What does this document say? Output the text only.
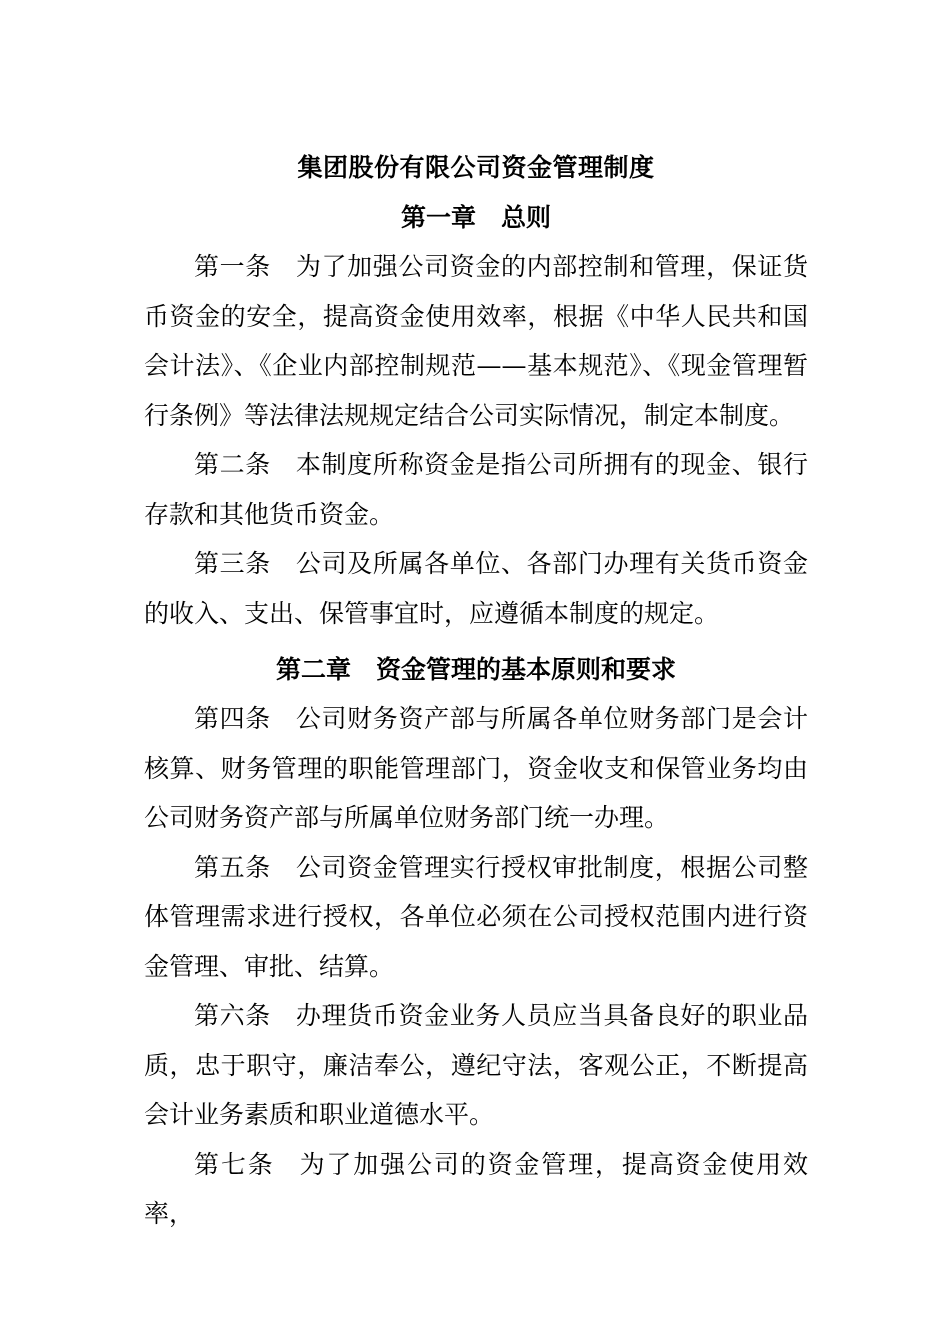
集团股份有限公司资金管理制度
第一章 总则

第一条 为了加强公司资金的内部控制和管理，保证货币资金的安全，提高资金使用效率，根据《中华人民共和国会计法》、《企业内部控制规范——基本规范》、《现金管理暂行条例》等法律法规规定结合公司实际情况，制定本制度。

第二条 本制度所称资金是指公司所拥有的现金、银行存款和其他货币资金。

第三条 公司及所属各单位、各部门办理有关货币资金的收入、支出、保管事宜时，应遵循本制度的规定。

第二章 资金管理的基本原则和要求

第四条 公司财务资产部与所属各单位财务部门是会计核算、财务管理的职能管理部门，资金收支和保管业务均由公司财务资产部与所属单位财务部门统一办理。

第五条 公司资金管理实行授权审批制度，根据公司整体管理需求进行授权，各单位必须在公司授权范围内进行资金管理、审批、结算。

第六条 办理货币资金业务人员应当具备良好的职业品质，忠于职守，廉洁奉公，遵纪守法，客观公正，不断提高会计业务素质和职业道德水平。

第七条 为了加强公司的资金管理，提高资金使用效率，
